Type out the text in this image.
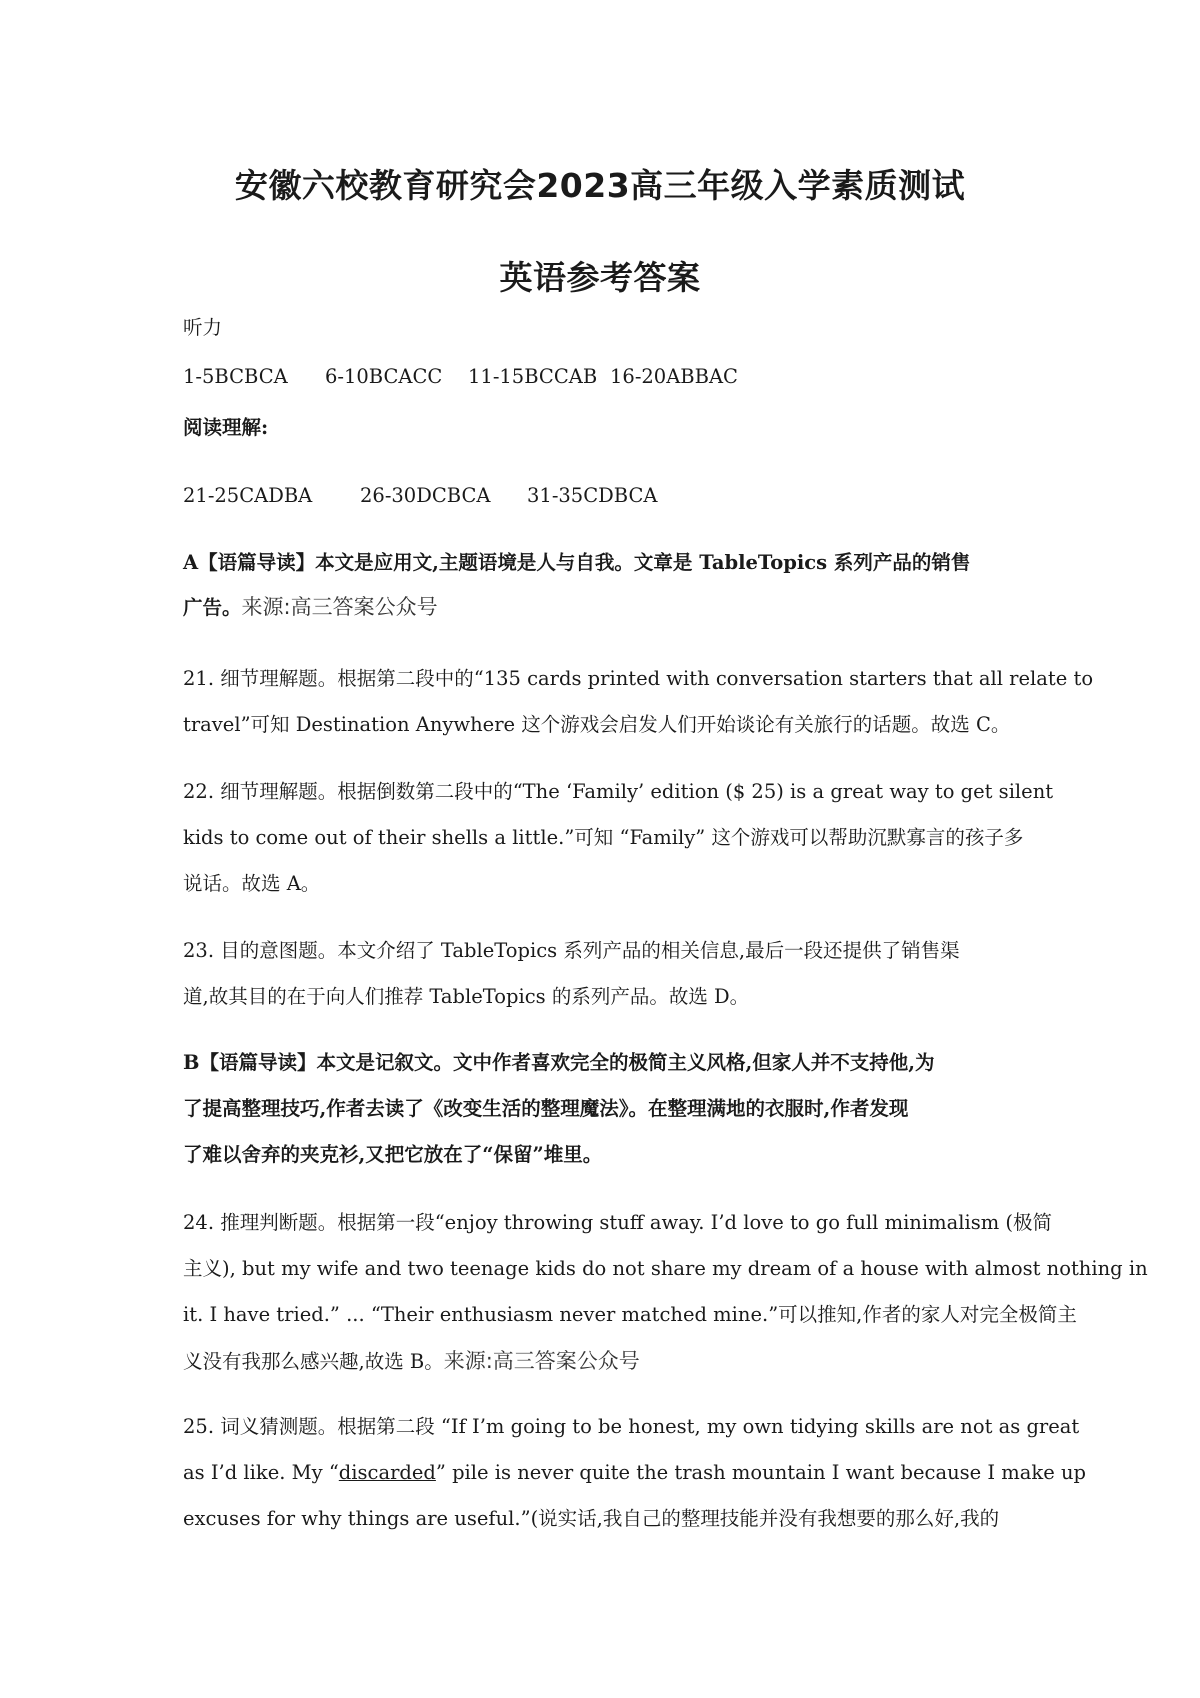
安徽六校教育研究会2023高三年级入学素质测试
英语参考答案
听力
1-5BCBCA 6-10BCACC 11-15BCCAB 16-20ABBAC
阅读理解:
21-25CADBA 26-30DCBCA 31-35CDBCA
A【语篇导读】本文是应用文,主题语境是人与自我。文章是 TableTopics 系列产品的销售
广告。来源:高三答案公众号
21. 细节理解题。根据第二段中的“135 cards printed with conversation starters that all relate to
travel”可知 Destination Anywhere 这个游戏会启发人们开始谈论有关旅行的话题。故选 C。
22. 细节理解题。根据倒数第二段中的“The ‘Family’ edition ($ 25) is a great way to get silent
kids to come out of their shells a little.”可知 “Family” 这个游戏可以帮助沉默寡言的孩子多
说话。故选 A。
23. 目的意图题。本文介绍了 TableTopics 系列产品的相关信息,最后一段还提供了销售渠
道,故其目的在于向人们推荐 TableTopics 的系列产品。故选 D。
B【语篇导读】本文是记叙文。文中作者喜欢完全的极简主义风格,但家人并不支持他,为
了提高整理技巧,作者去读了《改变生活的整理魔法》。在整理满地的衣服时,作者发现
了难以舍弃的夹克衫,又把它放在了“保留”堆里。
24. 推理判断题。根据第一段“enjoy throwing stuff away. I’d love to go full minimalism (极简
主义), but my wife and two teenage kids do not share my dream of a house with almost nothing in
it. I have tried.” ... “Their enthusiasm never matched mine.”可以推知,作者的家人对完全极简主
义没有我那么感兴趣,故选 B。来源:高三答案公众号
25. 词义猜测题。根据第二段 “If I’m going to be honest, my own tidying skills are not as great
as I’d like. My “discarded” pile is never quite the trash mountain I want because I make up
excuses for why things are useful.”(说实话,我自己的整理技能并没有我想要的那么好,我的
